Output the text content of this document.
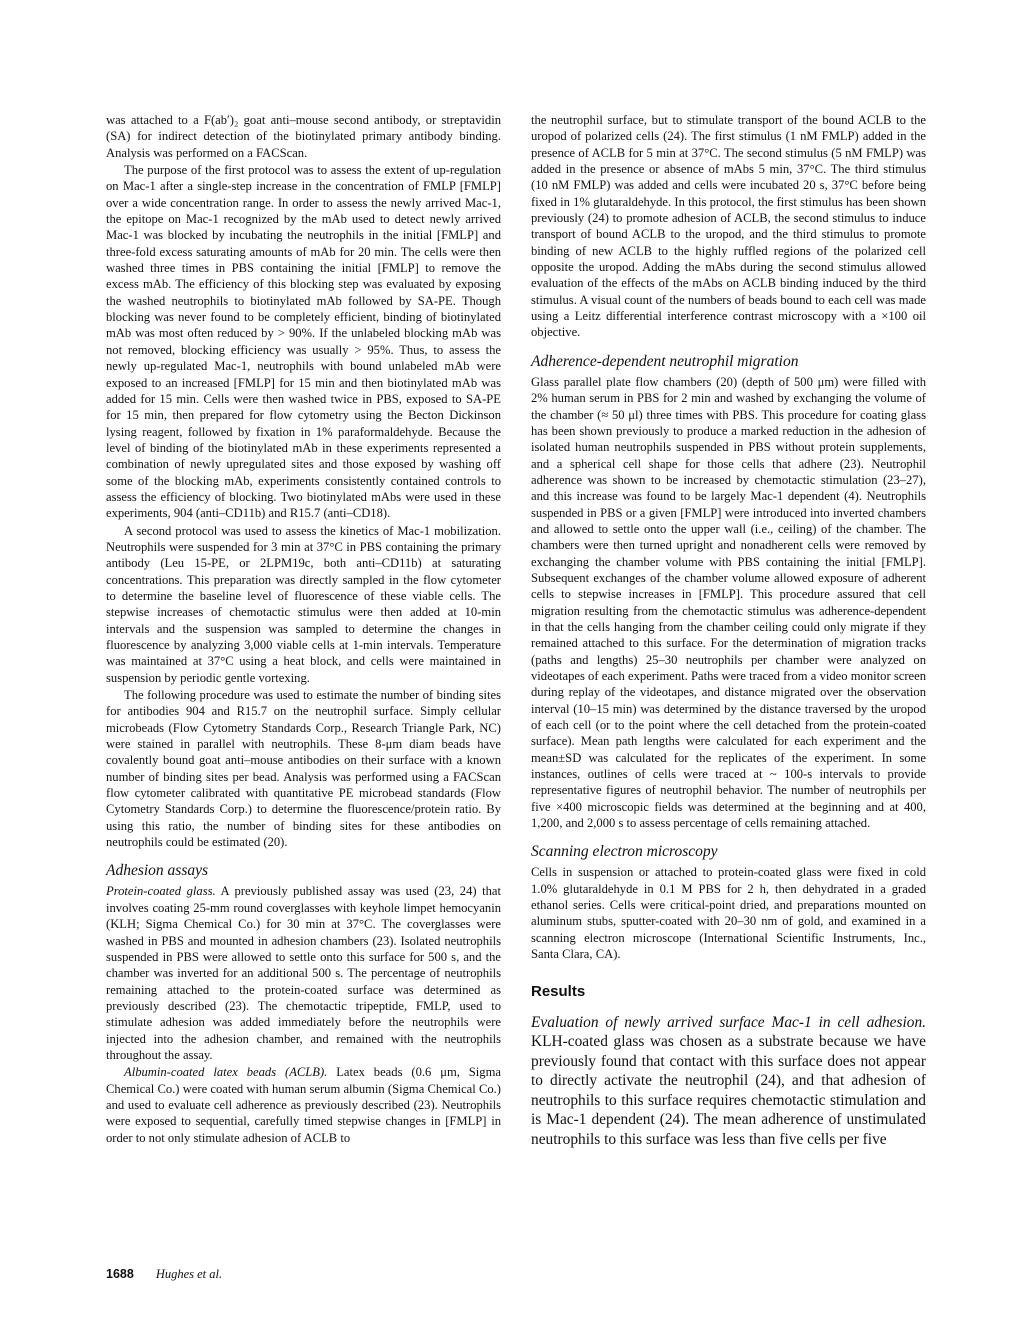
was attached to a F(ab′)₂ goat anti–mouse second antibody, or streptavidin (SA) for indirect detection of the biotinylated primary antibody binding. Analysis was performed on a FACScan.

The purpose of the first protocol was to assess the extent of up-regulation on Mac-1 after a single-step increase in the concentration of FMLP [FMLP] over a wide concentration range. In order to assess the newly arrived Mac-1, the epitope on Mac-1 recognized by the mAb used to detect newly arrived Mac-1 was blocked by incubating the neutrophils in the initial [FMLP] and three-fold excess saturating amounts of mAb for 20 min. The cells were then washed three times in PBS containing the initial [FMLP] to remove the excess mAb. The efficiency of this blocking step was evaluated by exposing the washed neutrophils to biotinylated mAb followed by SA-PE. Though blocking was never found to be completely efficient, binding of biotinylated mAb was most often reduced by > 90%. If the unlabeled blocking mAb was not removed, blocking efficiency was usually > 95%. Thus, to assess the newly up-regulated Mac-1, neutrophils with bound unlabeled mAb were exposed to an increased [FMLP] for 15 min and then biotinylated mAb was added for 15 min. Cells were then washed twice in PBS, exposed to SA-PE for 15 min, then prepared for flow cytometry using the Becton Dickinson lysing reagent, followed by fixation in 1% paraformaldehyde. Because the level of binding of the biotinylated mAb in these experiments represented a combination of newly upregulated sites and those exposed by washing off some of the blocking mAb, experiments consistently contained controls to assess the efficiency of blocking. Two biotinylated mAbs were used in these experiments, 904 (anti–CD11b) and R15.7 (anti–CD18).

A second protocol was used to assess the kinetics of Mac-1 mobilization. Neutrophils were suspended for 3 min at 37°C in PBS containing the primary antibody (Leu 15-PE, or 2LPM19c, both anti–CD11b) at saturating concentrations. This preparation was directly sampled in the flow cytometer to determine the baseline level of fluorescence of these viable cells. The stepwise increases of chemotactic stimulus were then added at 10-min intervals and the suspension was sampled to determine the changes in fluorescence by analyzing 3,000 viable cells at 1-min intervals. Temperature was maintained at 37°C using a heat block, and cells were maintained in suspension by periodic gentle vortexing.

The following procedure was used to estimate the number of binding sites for antibodies 904 and R15.7 on the neutrophil surface. Simply cellular microbeads (Flow Cytometry Standards Corp., Research Triangle Park, NC) were stained in parallel with neutrophils. These 8-μm diam beads have covalently bound goat anti–mouse antibodies on their surface with a known number of binding sites per bead. Analysis was performed using a FACScan flow cytometer calibrated with quantitative PE microbead standards (Flow Cytometry Standards Corp.) to determine the fluorescence/protein ratio. By using this ratio, the number of binding sites for these antibodies on neutrophils could be estimated (20).

Adhesion assays

Protein-coated glass. A previously published assay was used (23, 24) that involves coating 25-mm round coverglasses with keyhole limpet hemocyanin (KLH; Sigma Chemical Co.) for 30 min at 37°C. The coverglasses were washed in PBS and mounted in adhesion chambers (23). Isolated neutrophils suspended in PBS were allowed to settle onto this surface for 500 s, and the chamber was inverted for an additional 500 s. The percentage of neutrophils remaining attached to the protein-coated surface was determined as previously described (23). The chemotactic tripeptide, FMLP, used to stimulate adhesion was added immediately before the neutrophils were injected into the adhesion chamber, and remained with the neutrophils throughout the assay.

Albumin-coated latex beads (ACLB). Latex beads (0.6 μm, Sigma Chemical Co.) were coated with human serum albumin (Sigma Chemical Co.) and used to evaluate cell adherence as previously described (23). Neutrophils were exposed to sequential, carefully timed stepwise changes in [FMLP] in order to not only stimulate adhesion of ACLB to

the neutrophil surface, but to stimulate transport of the bound ACLB to the uropod of polarized cells (24). The first stimulus (1 nM FMLP) added in the presence of ACLB for 5 min at 37°C. The second stimulus (5 nM FMLP) was added in the presence or absence of mAbs 5 min, 37°C. The third stimulus (10 nM FMLP) was added and cells were incubated 20 s, 37°C before being fixed in 1% glutaraldehyde. In this protocol, the first stimulus has been shown previously (24) to promote adhesion of ACLB, the second stimulus to induce transport of bound ACLB to the uropod, and the third stimulus to promote binding of new ACLB to the highly ruffled regions of the polarized cell opposite the uropod. Adding the mAbs during the second stimulus allowed evaluation of the effects of the mAbs on ACLB binding induced by the third stimulus. A visual count of the numbers of beads bound to each cell was made using a Leitz differential interference contrast microscopy with a ×100 oil objective.

Adherence-dependent neutrophil migration

Glass parallel plate flow chambers (20) (depth of 500 μm) were filled with 2% human serum in PBS for 2 min and washed by exchanging the volume of the chamber (≈ 50 μl) three times with PBS. This procedure for coating glass has been shown previously to produce a marked reduction in the adhesion of isolated human neutrophils suspended in PBS without protein supplements, and a spherical cell shape for those cells that adhere (23). Neutrophil adherence was shown to be increased by chemotactic stimulation (23–27), and this increase was found to be largely Mac-1 dependent (4). Neutrophils suspended in PBS or a given [FMLP] were introduced into inverted chambers and allowed to settle onto the upper wall (i.e., ceiling) of the chamber. The chambers were then turned upright and nonadherent cells were removed by exchanging the chamber volume with PBS containing the initial [FMLP]. Subsequent exchanges of the chamber volume allowed exposure of adherent cells to stepwise increases in [FMLP]. This procedure assured that cell migration resulting from the chemotactic stimulus was adherence-dependent in that the cells hanging from the chamber ceiling could only migrate if they remained attached to this surface. For the determination of migration tracks (paths and lengths) 25–30 neutrophils per chamber were analyzed on videotapes of each experiment. Paths were traced from a video monitor screen during replay of the videotapes, and distance migrated over the observation interval (10–15 min) was determined by the distance traversed by the uropod of each cell (or to the point where the cell detached from the protein-coated surface). Mean path lengths were calculated for each experiment and the mean±SD was calculated for the replicates of the experiment. In some instances, outlines of cells were traced at ~ 100-s intervals to provide representative figures of neutrophil behavior. The number of neutrophils per five ×400 microscopic fields was determined at the beginning and at 400, 1,200, and 2,000 s to assess percentage of cells remaining attached.

Scanning electron microscopy

Cells in suspension or attached to protein-coated glass were fixed in cold 1.0% glutaraldehyde in 0.1 M PBS for 2 h, then dehydrated in a graded ethanol series. Cells were critical-point dried, and preparations mounted on aluminum stubs, sputter-coated with 20–30 nm of gold, and examined in a scanning electron microscope (International Scientific Instruments, Inc., Santa Clara, CA).

Results

Evaluation of newly arrived surface Mac-1 in cell adhesion. KLH-coated glass was chosen as a substrate because we have previously found that contact with this surface does not appear to directly activate the neutrophil (24), and that adhesion of neutrophils to this surface requires chemotactic stimulation and is Mac-1 dependent (24). The mean adherence of unstimulated neutrophils to this surface was less than five cells per five

1688 Hughes et al.
